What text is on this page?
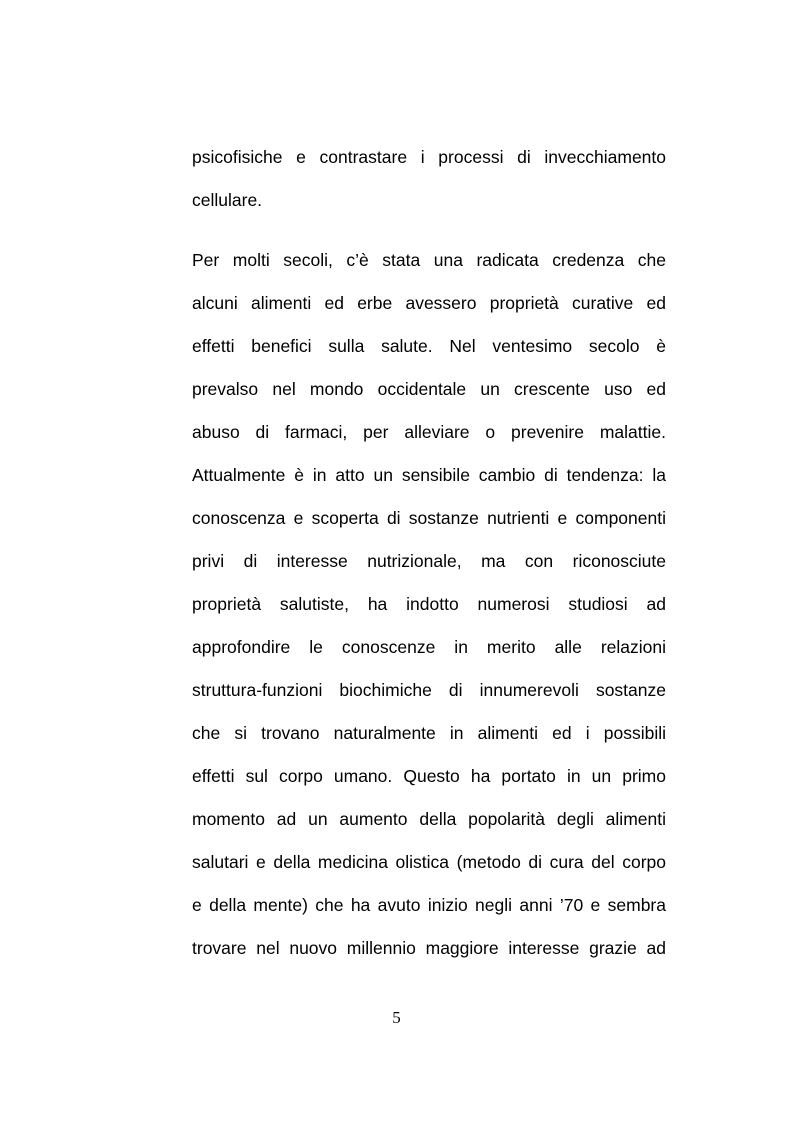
psicofisiche e contrastare i processi di invecchiamento
cellulare.
Per molti secoli, c’è stata una radicata credenza che
alcuni alimenti ed erbe avessero proprietà curative ed
effetti benefici sulla salute. Nel ventesimo secolo è
prevalso nel mondo occidentale un crescente uso ed
abuso di farmaci, per alleviare o prevenire malattie.
Attualmente è in atto un sensibile cambio di tendenza: la
conoscenza e scoperta di sostanze nutrienti e componenti
privi di interesse nutrizionale, ma con riconosciute
proprietà salutiste, ha indotto numerosi studiosi ad
approfondire le conoscenze in merito alle relazioni
struttura-funzioni biochimiche di innumerevoli sostanze
che si trovano naturalmente in alimenti ed i possibili
effetti sul corpo umano. Questo ha portato in un primo
momento ad un aumento della popolarità degli alimenti
salutari e della medicina olistica (metodo di cura del corpo
e della mente) che ha avuto inizio negli anni ’70 e sembra
trovare nel nuovo millennio maggiore interesse grazie ad
5
